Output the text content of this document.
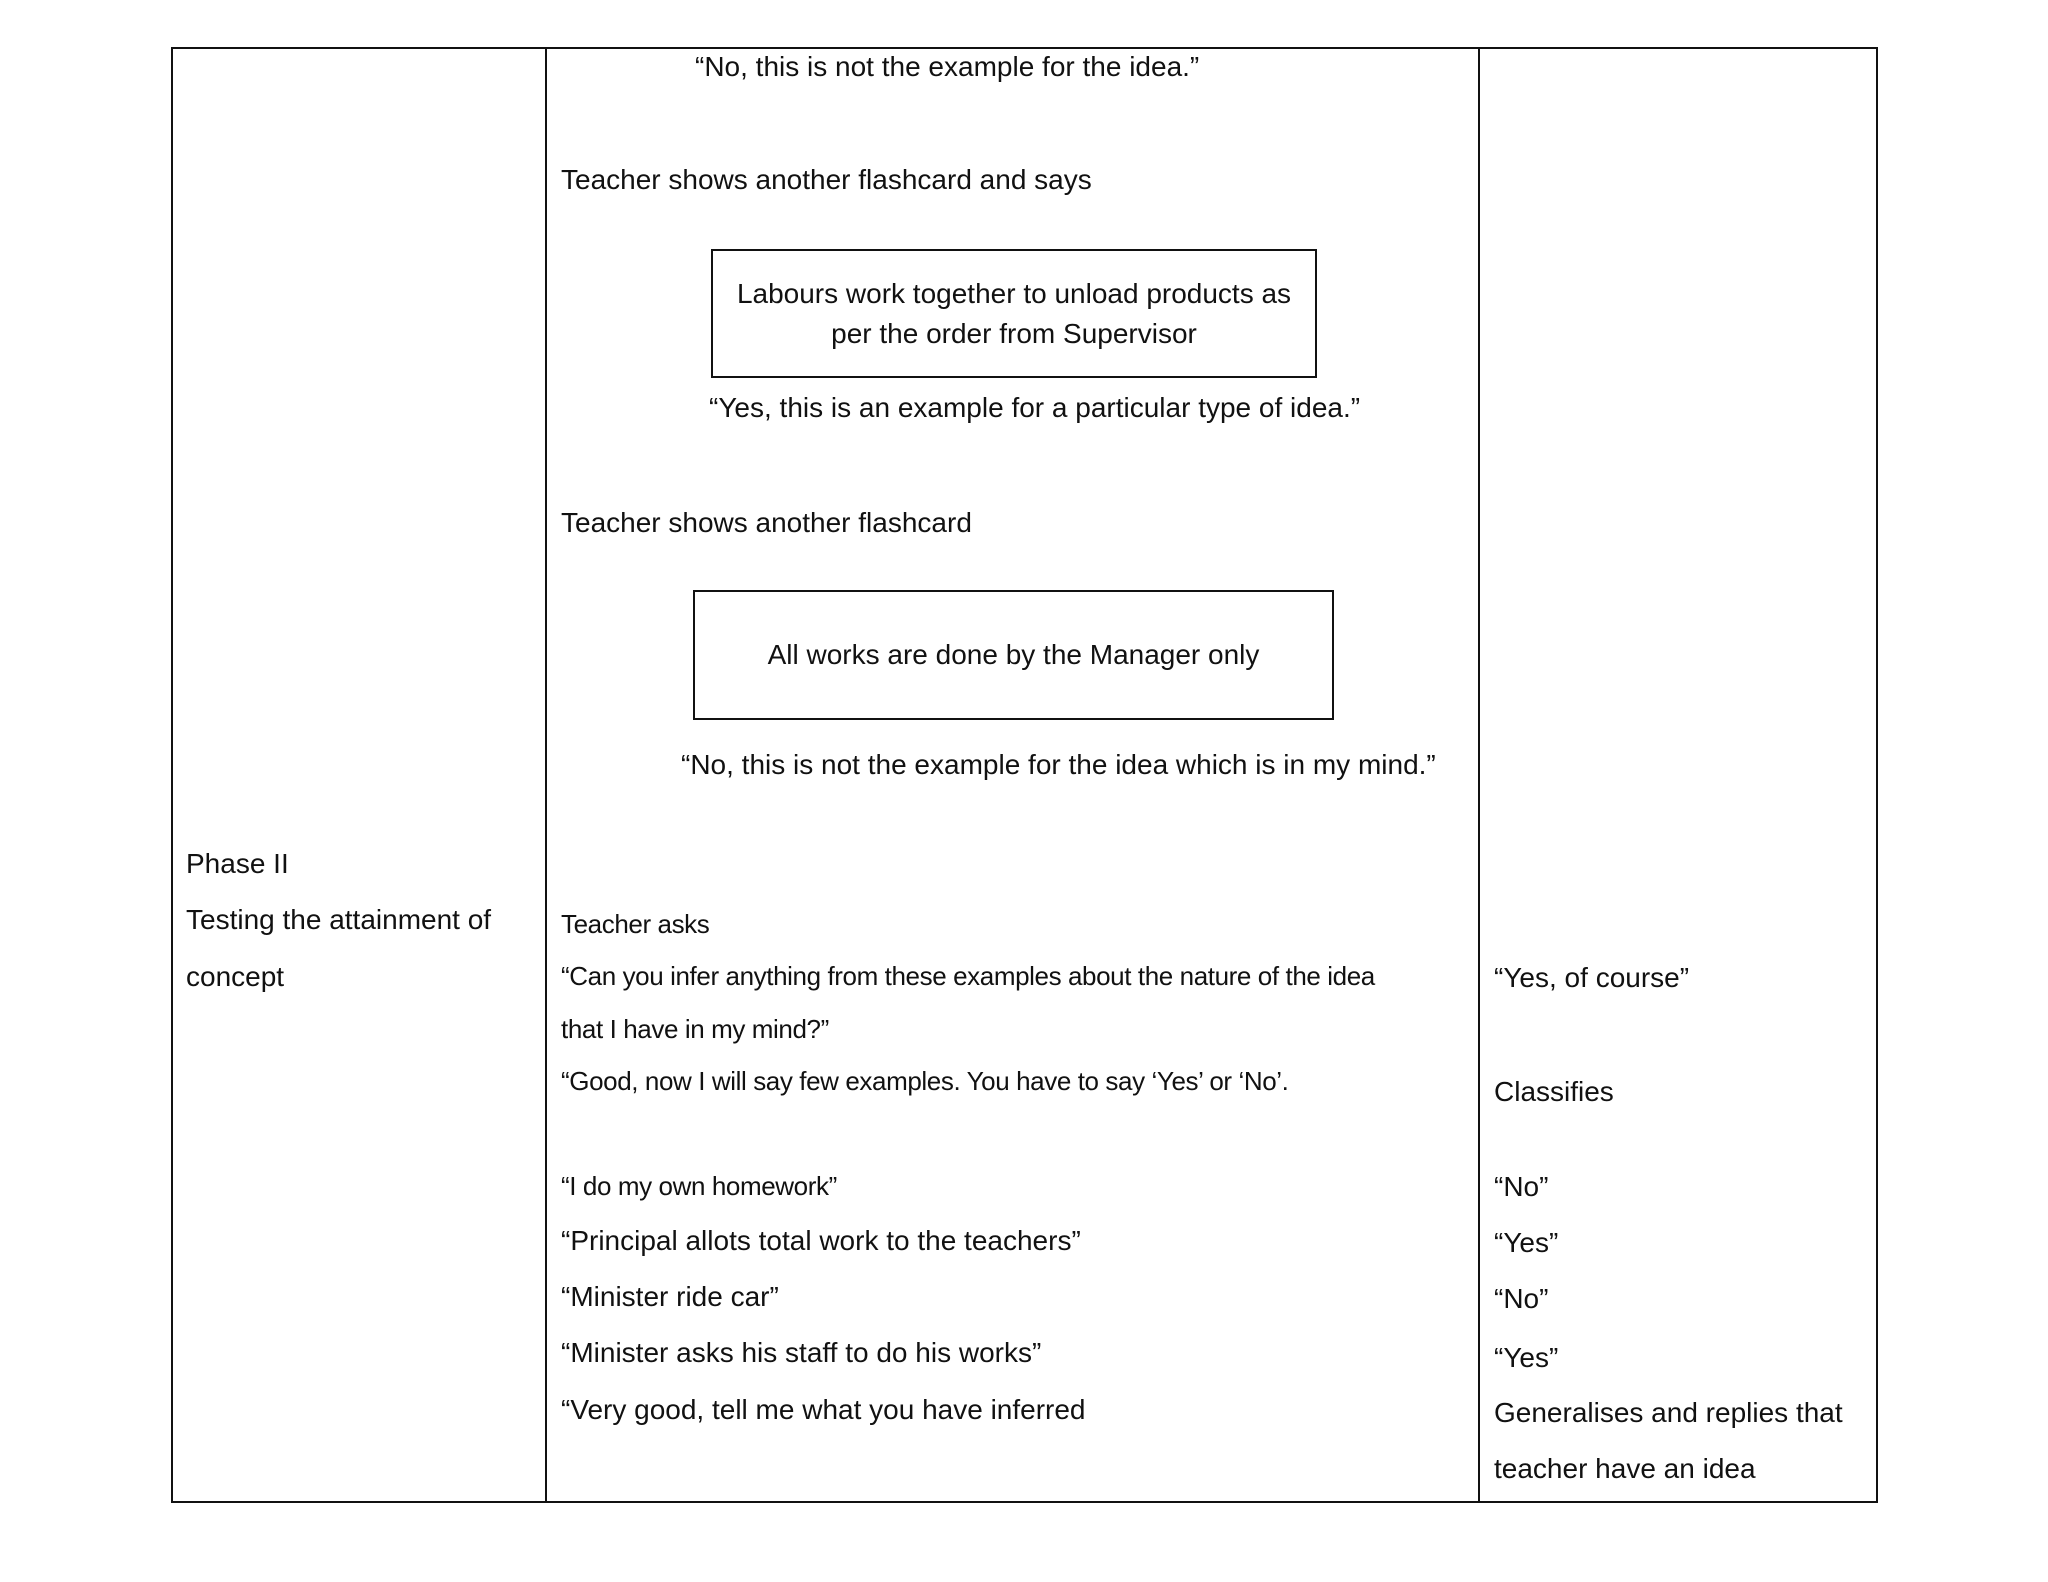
Phase II
Testing the attainment of
concept
“No, this is not the example for the idea.”
Teacher shows another flashcard and says
Labours work together to unload products as
per the order from Supervisor
“Yes, this is an example for a particular type of idea.”
Teacher shows another flashcard
All works are done by the Manager only
“No, this is not the example for the idea which is in my mind.”
Teacher asks
“Can you infer anything from these examples about the nature of the idea
that I have in my mind?”
“Good, now I will say few examples. You have to say ‘Yes’ or ‘No’.
“I do my own homework”
“Principal allots total work to the teachers”
“Minister ride car”
“Minister asks his staff to do his works”
“Very good, tell me what you have inferred
“Yes, of course”
Classifies
“No”
“Yes”
“No”
“Yes”
Generalises and replies that
teacher have an idea
